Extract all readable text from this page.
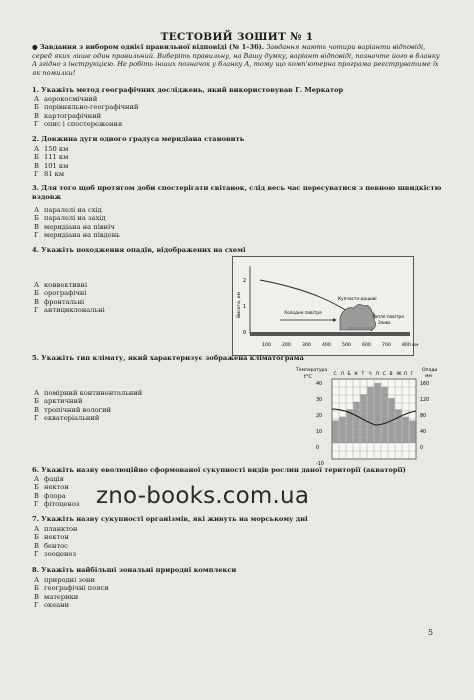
ТЕСТОВИЙ ЗОШИТ № 1
● Завдання з вибором однієї правильної відповіді (№ 1–36). Завдання мають чотири варіанти відповіді, серед яких лише один правильний. Виберіть правильну, на Вашу думку, варіант відповіді, позначте його в бланку А згідно з інструкцією. Не робіть інших позначок у бланку А, тому що комп'ютерна програма реєструватиме їх як помилки!
1. Укажіть метод географічних досліджень, який використовував Г. Меркатор
А аерокосмічний
Б порівняльно-географічний
В картографічний
Г опис і спостереження
2. Довжина дуги одного градуса меридіана становить
А 150 км
Б 111 км
В 101 км
Г 81 км
3. Для того щоб протягом доби спостерігати світанок, слід весь час пересуватися з певною швидкістю вздовж
А паралелі на схід
Б паралелі на захід
В меридіана на північ
Г меридіана на південь
4. Укажіть походження опадів, відображених на схемі
А конвективні
Б орографічні
В фронтальні
Г антициклональні	Висота, км
2
1
0
Купчасто-дощові
Холодне повітря
Тепле повітря
Злива
100 200 300 400 500 600 700 800 км
5. Укажіть тип клімату, який характеризує зображена кліматограма
А помірний континентальний
Б арктичний
В тропічний вологий
Г екваторіальний
Температура
t°C
Опади
мм
С Л Б К Т Ч Л С В Ж Л Г
40
30
20
10
0
-10
160
120
80
40
0
6. Укажіть назву еволюційно сформованої сукупності видів рослин даної території (акваторії)
А фація
Б нектон
В флора
Г фітоценоз zno-books.com.ua
7. Укажіть назву сукупності організмів, які живуть на морському дні
А планктон
Б нектон
В бентос
Г зооценоз
8. Укажіть найбільші зональні природні комплекси
А природні зони
Б географічні пояси
В материки
Г океани
5
